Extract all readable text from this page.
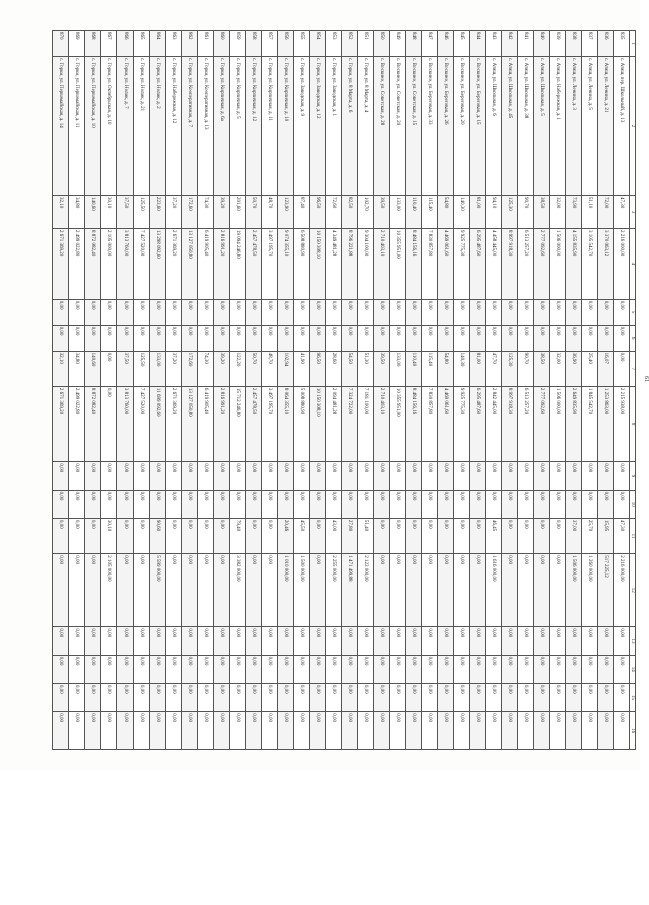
61
1	2	3	4	5	6	7	8	9	10	11	12	13	14	15	16
835	с. Атяш, пер. Школьный, д. 13	47,30	2 216 000,00	0,00	0,00	0,00	2 215 938,00	0,00	0,00	47,30	2 216 000,00	0,00	0,00	0,00	0,00
836	с. Атяш, ул. Ленина, д. 21	72,00	3 370 063,12	0,00	0,00	16,07	1 253 863,00	0,00	0,00	15,95	517 225,12	0,00	0,00	0,00	0,00
837	с. Атяш, ул. Ленина, д. 5	51,10	3 105 542,70	0,00	0,00	25,40	1 845 542,70	0,00	0,00	25,70	1 260 000,00	0,00	0,00	0,00	0,00
838	с. Атяш, ул. Ленина, д. 3	73,90	4 155 835,90	0,00	0,00	36,90	2 649 835,90	0,00	0,00	37,00	1 506 000,00	0,00	0,00	0,00	0,00
839	с. Атяш, ул. Набережная, д. 1	32,00	1 506 000,00	0,00	0,00	32,00	1 506 000,00	0,00	0,00	0,00	0,00	0,00	0,00	0,00	0,00
840	с. Атяш, ул. Школьная, д. 5	38,50	2 777 092,60	0,00	0,00	38,50	2 777 092,60	0,00	0,00	0,00	0,00	0,00	0,00	0,00	0,00
841	с. Атяш, ул. Школьная, д. 38	90,70	6 513 257,20	0,00	0,00	90,70	6 513 257,20	0,00	0,00	0,00	0,00	0,00	0,00	0,00	0,00
842	с. Атяш, ул. Школьная, д. 45	125,30	8 997 918,30	0,00	0,00	125,30	8 997 918,30	0,00	0,00	0,00	0,00	0,00	0,00	0,00	0,00
843	с. Атяш, ул. Школьная, д. 6	94,10	4 458 445,00	0,00	0,00	47,70	2 842 445,00	0,00	0,00	46,45	1 616 000,00	0,00	0,00	0,00	0,00
844	с. Воскино, ул. Береговая, д. 15	81,00	6 295 487,60	0,00	0,00	81,00	6 295 487,60	0,00	0,00	0,00	0,00	0,00	0,00	0,00	0,00
845	с. Воскино, ул. Береговая, д. 20	140,30	9 925 775,30	0,00	0,00	140,30	9 925 775,30	0,00	0,00	0,00	0,00	0,00	0,00	0,00	0,00
846	с. Воскино, ул. Береговая, д. 26	54,80	4 469 061,60	0,00	0,00	54,80	4 469 061,60	0,00	0,00	0,00	0,00	0,00	0,00	0,00	0,00
847	с. Воскино, ул. Береговая, д. 33	115,40	7 830 857,80	0,00	0,00	115,40	7 830 857,80	0,00	0,00	0,00	0,00	0,00	0,00	0,00	0,00
848	с. Воскино, ул. Советская, д. 15	110,40	8 484 156,16	0,00	0,00	110,40	8 484 156,16	0,00	0,00	0,00	0,00	0,00	0,00	0,00	0,00
849	с. Воскино, ул. Советская, д. 20	133,00	10 355 951,00	0,00	0,00	133,00	10 355 951,00	0,00	0,00	0,00	0,00	0,00	0,00	0,00	0,00
850	с. Воскино, ул. Советская, д. 28	39,50	2 710 403,10	0,00	0,00	39,50	2 710 403,10	0,00	0,00	0,00	0,00	0,00	0,00	0,00	0,00
851	с. Горки, ул. 8 Марта, д. 4	102,70	9 304 100,00	0,00	0,00	51,30	7 181 100,00	0,00	0,00	51,40	2 123 000,00	0,00	0,00	0,00	0,00
852	с. Горки, ул. 8 Марта, д. 6	82,50	8 796 221,88	0,00	0,00	54,50	7 324 722,00	0,00	0,00	27,80	1 471 499,88	0,00	0,00	0,00	0,00
853	с. Горки, ул. Заводская, д. 1	72,60	4 349 481,28	0,00	0,00	28,60	2 094 481,28	0,00	0,00	43,00	2 255 000,00	0,00	0,00	0,00	0,00
854	с. Горки, ул. Заводская, д. 12	96,50	10 150 308,10	0,00	0,00	96,50	10 150 308,10	0,00	0,00	0,00	0,00	0,00	0,00	0,00	0,00
855	с. Горки, ул. Заводская, д. 9	87,40	6 508 880,90	0,00	0,00	41,90	5 008 880,90	0,00	0,00	45,50	1 500 000,00	0,00	0,00	0,00	0,00
856	с. Горки, ул. Кирпичная, д. 10	123,90	9 074 355,10	0,00	0,00	102,94	8 064 355,10	0,00	0,00	20,46	1 010 000,00	0,00	0,00	0,00	0,00
857	с. Горки, ул. Кирпичная, д. 11	48,70	3 497 195,70	0,00	0,00	48,70	3 497 195,70	0,00	0,00	0,00	0,00	0,00	0,00	0,00	0,00
858	с. Горки, ул. Кирпичная, д. 12	50,70	2 457 478,50	0,00	0,00	50,70	2 457 478,50	0,00	0,00	0,00	0,00	0,00	0,00	0,00	0,00
859	с. Горки, ул. Кирпичная, д. 5	201,60	19 094 246,80	0,00	0,00	122,20	15 712 246,80	0,00	0,00	79,40	3 382 000,00	0,00	0,00	0,00	0,00
860	с. Горки, ул. Кирпичная, д. 6а	39,20	2 816 991,20	0,00	0,00	39,20	2 816 991,20	0,00	0,00	0,00	0,00	0,00	0,00	0,00	0,00
861	с. Горки, ул. Кооперативная, д. 13	74,30	6 419 905,40	0,00	0,00	74,30	6 419 905,40	0,00	0,00	0,00	0,00	0,00	0,00	0,00	0,00
862	с. Горки, ул. Кооперативная, д. 7	172,60	13 127 050,80	0,00	0,00	172,60	13 127 050,80	0,00	0,00	0,00	0,00	0,00	0,00	0,00	0,00
863	с. Горки, ул. Набережная, д. 12	37,20	2 671 369,20	0,00	0,00	37,20	2 671 369,20	0,00	0,00	0,00	0,00	0,00	0,00	0,00	0,00
864	с. Горки, ул. Нолик, д. 2	223,60	13 298 092,60	0,00	0,00	133,00	11 699 092,60	0,00	0,00	90,60	5 599 000,00	0,00	0,00	0,00	0,00
865	с. Горки, ул. Нолик, д. 21	125,50	7 427 520,00	0,00	0,00	125,50	7 427 520,00	0,00	0,00	0,00	0,00	0,00	0,00	0,00	0,00
866	с. Горки, ул. Нолик, д. 7	37,50	3 813 760,00	0,00	0,00	37,50	3 813 760,00	0,00	0,00	0,00	0,00	0,00	0,00	0,00	0,00
867	с. Горки, ул. Октябрьская, д. 10	30,10	2 105 000,00	0,00	0,00	0,00	0,00	0,00	0,00	30,10	2 105 000,00	0,00	0,00	0,00	0,00
868	с. Горки, ул. Первомайская, д. 10	140,60	8 872 082,40	0,00	0,00	140,60	8 872 082,40	0,00	0,00	0,00	0,00	0,00	0,00	0,00	0,00
869	с. Горки, ул. Первомайская, д. 11	34,80	2 499 022,80	0,00	0,00	34,80	2 499 022,80	0,00	0,00	0,00	0,00	0,00	0,00	0,00	0,00
870	с. Горки, ул. Первомайская, д. 14	32,10	2 671 369,20	0,00	0,00	32,10	2 671 369,20	0,00	0,00	0,00	0,00	0,00	0,00	0,00	0,00
